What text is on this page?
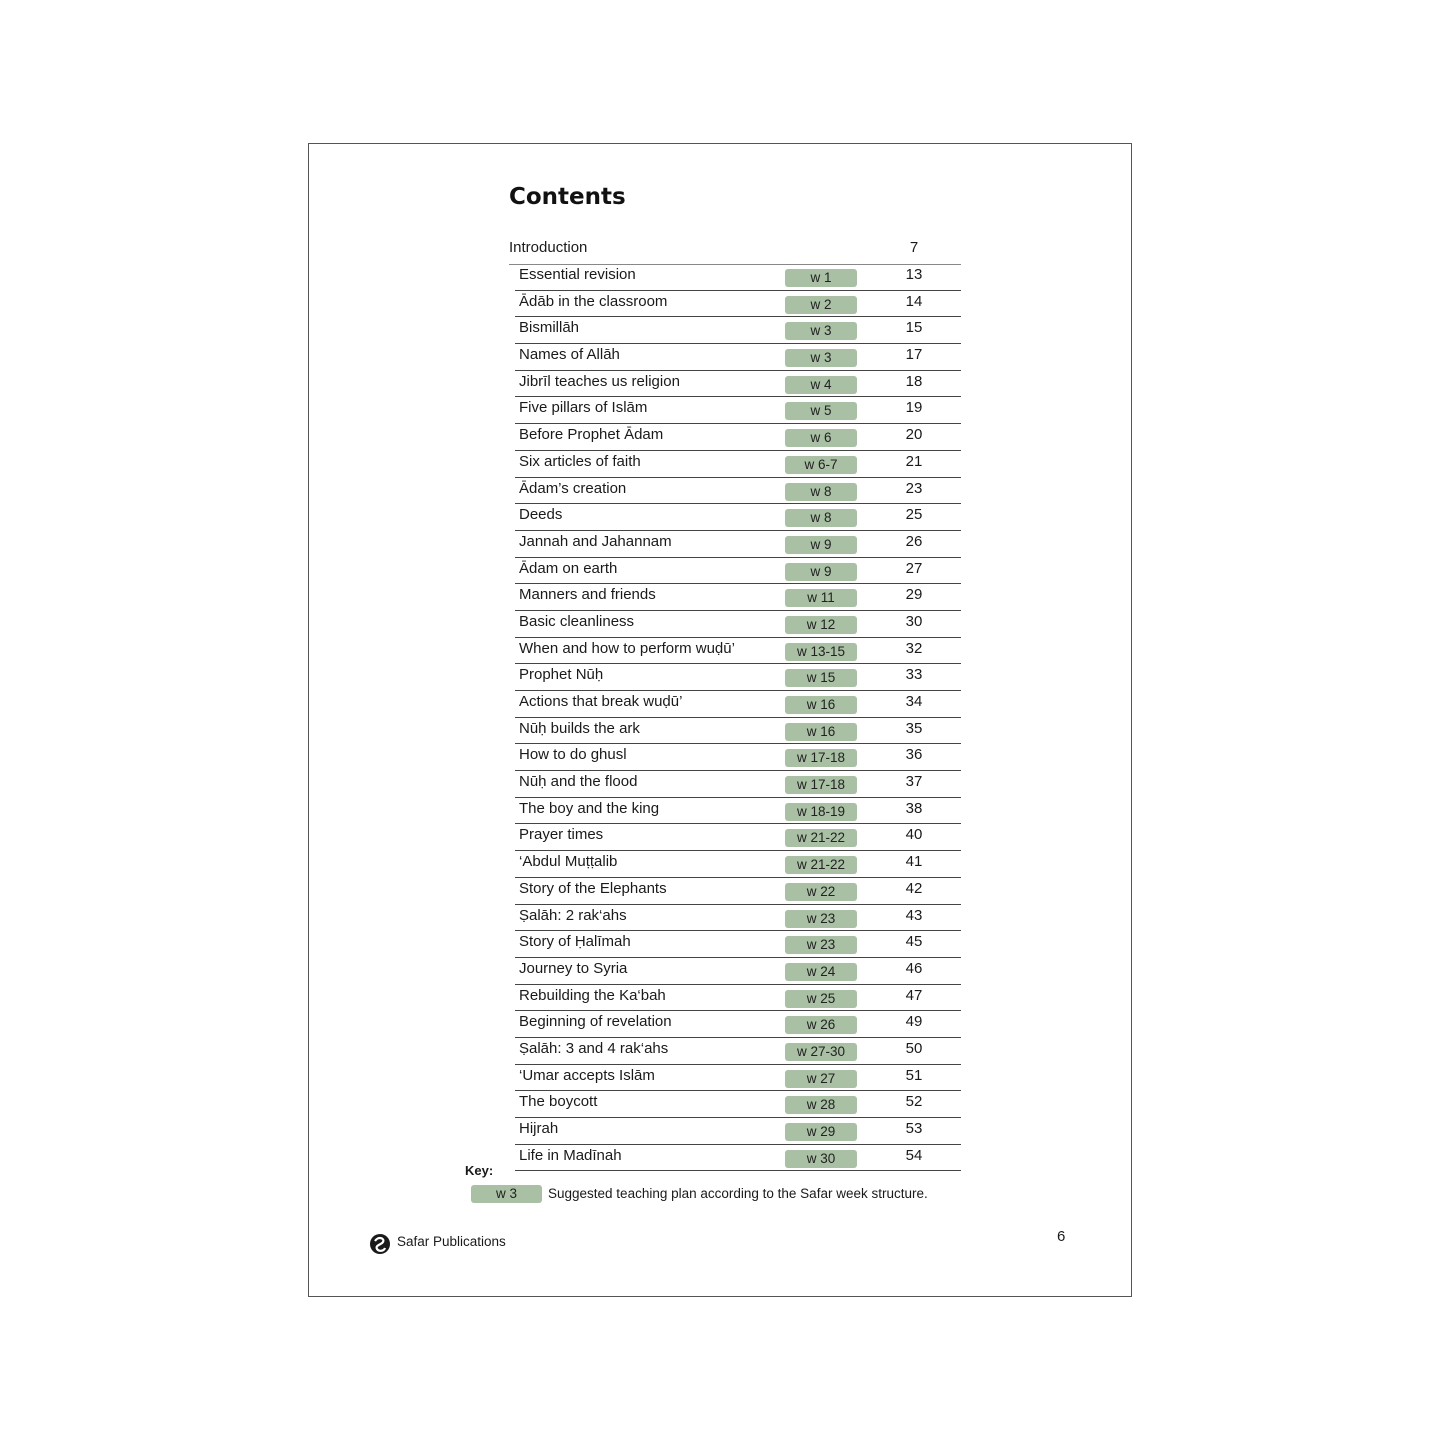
Contents
Introduction	7
Essential revision	w 1	13
Ādāb in the classroom	w 2	14
Bismillāh	w 3	15
Names of Allāh	w 3	17
Jibrīl teaches us religion	w 4	18
Five pillars of Islām	w 5	19
Before Prophet Ādam	w 6	20
Six articles of faith	w 6-7	21
Ādam’s creation	w 8	23
Deeds	w 8	25
Jannah and Jahannam	w 9	26
Ādam on earth	w 9	27
Manners and friends	w 11	29
Basic cleanliness	w 12	30
When and how to perform wuḍū’	w 13-15	32
Prophet Nūḥ	w 15	33
Actions that break wuḍū’	w 16	34
Nūḥ builds the ark	w 16	35
How to do ghusl	w 17-18	36
Nūḥ and the flood	w 17-18	37
The boy and the king	w 18-19	38
Prayer times	w 21-22	40
‘Abdul Muṭṭalib	w 21-22	41
Story of the Elephants	w 22	42
Ṣalāh: 2 rak‘ahs	w 23	43
Story of Ḥalīmah	w 23	45
Journey to Syria	w 24	46
Rebuilding the Ka‘bah	w 25	47
Beginning of revelation	w 26	49
Ṣalāh: 3 and 4 rak‘ahs	w 27-30	50
‘Umar accepts Islām	w 27	51
The boycott	w 28	52
Hijrah	w 29	53
Life in Madīnah	w 30	54
Key:
w 3	Suggested teaching plan according to the Safar week structure.
Safar Publications	6
